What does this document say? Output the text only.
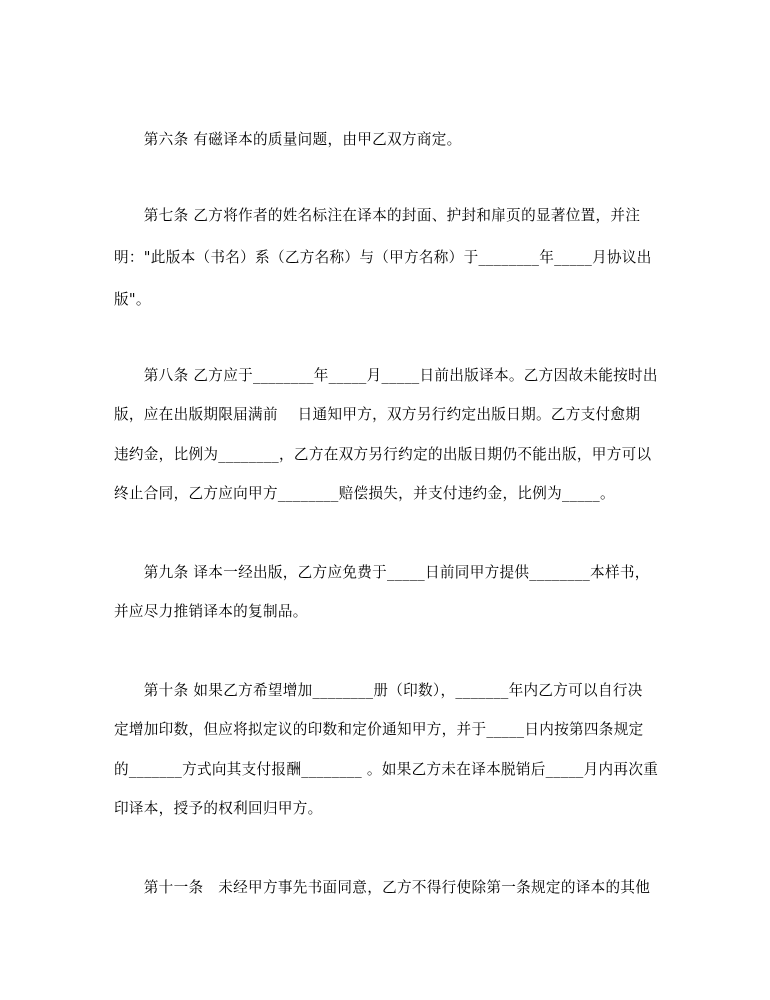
　　第六条 有磁译本的质量问题，由甲乙双方商定。
　　第七条 乙方将作者的姓名标注在译本的封面、护封和扉页的显著位置，并注
明："此版本（书名）系（乙方名称）与（甲方名称）于________年_____月协议出
版"。
　　第八条 乙方应于________年_____月_____日前出版译本。乙方因故未能按时出
版，应在出版期限届满前　 日通知甲方，双方另行约定出版日期。乙方支付愈期
违约金，比例为________，乙方在双方另行约定的出版日期仍不能出版，甲方可以
终止合同，乙方应向甲方________赔偿损失，并支付违约金，比例为_____。
　　第九条 译本一经出版，乙方应免费于_____日前同甲方提供________本样书，
并应尽力推销译本的复制品。
　　第十条 如果乙方希望增加________册（印数），_______年内乙方可以自行决
定增加印数，但应将拟定议的印数和定价通知甲方，并于_____日内按第四条规定
的_______方式向其支付报酬________ 。如果乙方未在译本脱销后_____月内再次重
印译本，授予的权利回归甲方。
　　第十一条　未经甲方事先书面同意，乙方不得行使除第一条规定的译本的其他
